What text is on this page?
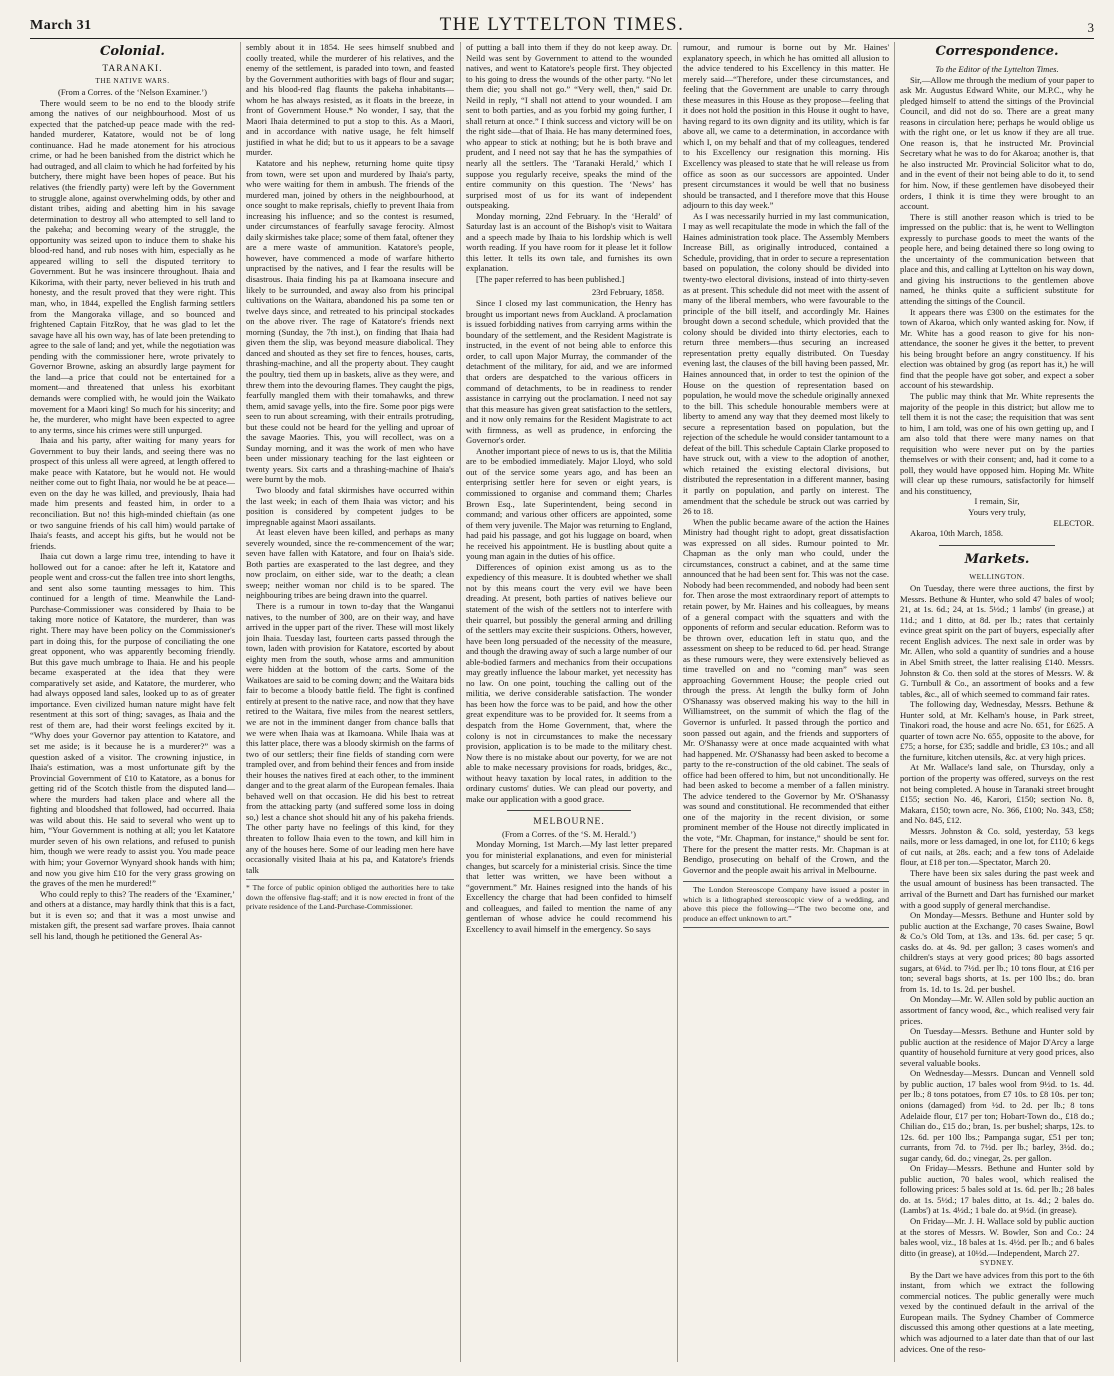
March 31	THE LYTTELTON TIMES.	3
Colonial.

TARANAKI.

THE NATIVE WARS.

(From a Corres. of the ‘Nelson Examiner.’)

There would seem to be no end to the bloody strife among the natives of our neighbourhood. Most of us expected that the patched-up peace made with the red-handed murderer, Katatore, would not be of long continuance. Had he made atonement for his atrocious crime, or had he been banished from the district which he had outraged, and all claim to which he had forfeited by his butchery, there might have been hopes of peace. But his relatives (the friendly party) were left by the Government to struggle alone, against overwhelming odds, by other and distant tribes, aiding and abetting him in his savage determination to destroy all who attempted to sell land to the pakeha; and becoming weary of the struggle, the opportunity was seized upon to induce them to shake his blood-red hand, and rub noses with him, especially as he appeared willing to sell the disputed territory to Government. But he was insincere throughout. Ihaia and Kikorima, with their party, never believed in his truth and honesty, and the result proved that they were right. This man, who, in 1844, expelled the English farming settlers from the Mangoraka village, and so bounced and frightened Captain FitzRoy, that he was glad to let the savage have all his own way, has of late been pretending to agree to the sale of land; and yet, while the negotiation was pending with the commissioner here, wrote privately to Governor Browne, asking an absurdly large payment for the land—a price that could not be entertained for a moment—and threatened that unless his exorbitant demands were complied with, he would join the Waikato movement for a Maori king! So much for his sincerity; and he, the murderer, who might have been expected to agree to any terms, since his crimes were still unpurged.

Ihaia and his party, after waiting for many years for Government to buy their lands, and seeing there was no prospect of this unless all were agreed, at length offered to make peace with Katatore, but he would not. He would neither come out to fight Ihaia, nor would he be at peace—even on the day he was killed, and previously, Ihaia had made him presents and feasted him, in order to a reconciliation. But no! this high-minded chieftain (as one or two sanguine friends of his call him) would partake of Ihaia's feasts, and accept his gifts, but he would not be friends.

Ihaia cut down a large rimu tree, intending to have it hollowed out for a canoe: after he left it, Katatore and people went and cross-cut the fallen tree into short lengths, and sent also some taunting messages to him. This continued for a length of time. Meanwhile the Land-Purchase-Commissioner was considered by Ihaia to be taking more notice of Katatore, the murderer, than was right. There may have been policy on the Commissioner's part in doing this, for the purpose of conciliating the one great opponent, who was apparently becoming friendly. But this gave much umbrage to Ihaia. He and his people became exasperated at the idea that they were comparatively set aside, and Katatore, the murderer, who had always opposed land sales, looked up to as of greater importance. Even civilized human nature might have felt resentment at this sort of thing; savages, as Ihaia and the rest of them are, had their worst feelings excited by it. “Why does your Governor pay attention to Katatore, and set me aside; is it because he is a murderer?” was a question asked of a visitor. The crowning injustice, in Ihaia's estimation, was a most unfortunate gift by the Provincial Government of £10 to Katatore, as a bonus for getting rid of the Scotch thistle from the disputed land—where the murders had taken place and where all the fighting and bloodshed that followed, had occurred. Ihaia was wild about this. He said to several who went up to him, “Your Government is nothing at all; you let Katatore murder seven of his own relations, and refused to punish him, though we were ready to assist you. You made peace with him; your Governor Wynyard shook hands with him; and now you give him £10 for the very grass growing on the graves of the men he murdered!”

Who could reply to this? The readers of the ‘Examiner,’ and others at a distance, may hardly think that this is a fact, but it is even so; and that it was a most unwise and mistaken gift, the present sad warfare proves. Ihaia cannot sell his land, though he petitioned the General As-

sembly about it in 1854. He sees himself snubbed and coolly treated, while the murderer of his relatives, and the enemy of the settlement, is paraded into town, and feasted by the Government authorities with bags of flour and sugar; and his blood-red flag flaunts the pakeha inhabitants—whom he has always resisted, as it floats in the breeze, in front of Government House.* No wonder, I say, that the Maori Ihaia determined to put a stop to this. As a Maori, and in accordance with native usage, he felt himself justified in what he did; but to us it appears to be a savage murder.

Katatore and his nephew, returning home quite tipsy from town, were set upon and murdered by Ihaia's party, who were waiting for them in ambush. The friends of the murdered man, joined by others in the neighbourhood, at once sought to make reprisals, chiefly to prevent Ihaia from increasing his influence; and so the contest is resumed, under circumstances of fearfully savage ferocity. Almost daily skirmishes take place; some of them fatal, oftener they are a mere waste of ammunition. Katatore's people, however, have commenced a mode of warfare hitherto unpractised by the natives, and I fear the results will be disastrous. Ihaia finding his pa at Ikamoana insecure and likely to be surrounded, and away also from his principal cultivations on the Waitara, abandoned his pa some ten or twelve days since, and retreated to his principal stockades on the above river. The rage of Katatore's friends next morning (Sunday, the 7th inst.), on finding that Ihaia had given them the slip, was beyond measure diabolical. They danced and shouted as they set fire to fences, houses, carts, thrashing-machine, and all the property about. They caught the poultry, tied them up in baskets, alive as they were, and threw them into the devouring flames. They caught the pigs, fearfully mangled them with their tomahawks, and threw them, amid savage yells, into the fire. Some poor pigs were seen to run about screaming, with their entrails protruding, but these could not be heard for the yelling and uproar of the savage Maories. This, you will recollect, was on a Sunday morning, and it was the work of men who have been under missionary teaching for the last eighteen or twenty years. Six carts and a thrashing-machine of Ihaia's were burnt by the mob.

Two bloody and fatal skirmishes have occurred within the last week; in each of them Ihaia was victor; and his position is considered by competent judges to be impregnable against Maori assailants.

At least eleven have been killed, and perhaps as many severely wounded, since the re-commencement of the war; seven have fallen with Katatore, and four on Ihaia's side. Both parties are exasperated to the last degree, and they now proclaim, on either side, war to the death; a clean sweep; neither woman nor child is to be spared. The neighbouring tribes are being drawn into the quarrel.

There is a rumour in town to-day that the Wanganui natives, to the number of 300, are on their way, and have arrived in the upper part of the river. These will most likely join Ihaia. Tuesday last, fourteen carts passed through the town, laden with provision for Katatore, escorted by about eighty men from the south, whose arms and ammunition were hidden at the bottom of the carts. Some of the Waikatoes are said to be coming down; and the Waitara bids fair to become a bloody battle field. The fight is confined entirely at present to the native race, and now that they have retired to the Waitara, five miles from the nearest settlers, we are not in the imminent danger from chance balls that we were when Ihaia was at Ikamoana. While Ihaia was at this latter place, there was a bloody skirmish on the farms of two of our settlers; their fine fields of standing corn were trampled over, and from behind their fences and from inside their houses the natives fired at each other, to the imminent danger and to the great alarm of the European females. Ihaia behaved well on that occasion. He did his best to retreat from the attacking party (and suffered some loss in doing so,) lest a chance shot should hit any of his pakeha friends. The other party have no feelings of this kind, for they threaten to follow Ihaia even to the town, and kill him in any of the houses here. Some of our leading men here have occasionally visited Ihaia at his pa, and Katatore's friends talk

* The force of public opinion obliged the authorities here to take down the offensive flag-staff; and it is now erected in front of the private residence of the Land-Purchase-Commissioner.

of putting a ball into them if they do not keep away. Dr. Neild was sent by Government to attend to the wounded natives, and went to Katatore's people first. They objected to his going to dress the wounds of the other party. “No let them die; you shall not go.” “Very well, then,” said Dr. Neild in reply, “I shall not attend to your wounded. I am sent to both parties, and as you forbid my going further, I shall return at once.” I think success and victory will be on the right side—that of Ihaia. He has many determined foes, who appear to stick at nothing; but he is both brave and prudent, and I need not say that he has the sympathies of nearly all the settlers. The ‘Taranaki Herald,’ which I suppose you regularly receive, speaks the mind of the entire community on this question. The ‘News’ has surprised most of us for its want of independent outspeaking.

Monday morning, 22nd February. In the ‘Herald’ of Saturday last is an account of the Bishop's visit to Waitara and a speech made by Ihaia to his lordship which is well worth reading. If you have room for it please let it follow this letter. It tells its own tale, and furnishes its own explanation.

[The paper referred to has been published.]

23rd February, 1858.

Since I closed my last communication, the Henry has brought us important news from Auckland. A proclamation is issued forbidding natives from carrying arms within the boundary of the settlement, and the Resident Magistrate is instructed, in the event of not being able to enforce this order, to call upon Major Murray, the commander of the detachment of the military, for aid, and we are informed that orders are despatched to the various officers in command of detachments, to be in readiness to render assistance in carrying out the proclamation. I need not say that this measure has given great satisfaction to the settlers, and it now only remains for the Resident Magistrate to act with firmness, as well as prudence, in enforcing the Governor's order.

Another important piece of news to us is, that the Militia are to be embodied immediately. Major Lloyd, who sold out of the service some years ago, and has been an enterprising settler here for seven or eight years, is commissioned to organise and command them; Charles Brown Esq., late Superintendent, being second in command; and various other officers are appointed, some of them very juvenile. The Major was returning to England, had paid his passage, and got his luggage on board, when he received his appointment. He is bustling about quite a young man again in the duties of his office.

Differences of opinion exist among us as to the expediency of this measure. It is doubted whether we shall not by this means court the very evil we have been dreading. At present, both parties of natives believe our statement of the wish of the settlers not to interfere with their quarrel, but possibly the general arming and drilling of the settlers may excite their suspicions. Others, however, have been long persuaded of the necessity of the measure, and though the drawing away of such a large number of our able-bodied farmers and mechanics from their occupations may greatly influence the labour market, yet necessity has no law. On one point, touching the calling out of the militia, we derive considerable satisfaction. The wonder has been how the force was to be paid, and how the other great expenditure was to be provided for. It seems from a despatch from the Home Government, that, where the colony is not in circumstances to make the necessary provision, application is to be made to the military chest. Now there is no mistake about our poverty, for we are not able to make necessary provisions for roads, bridges, &c., without heavy taxation by local rates, in addition to the ordinary customs' duties. We can plead our poverty, and make our application with a good grace.

MELBOURNE.

(From a Corres. of the ‘S. M. Herald.’)

Monday Morning, 1st March.—My last letter prepared you for ministerial explanations, and even for ministerial changes, but scarcely for a ministerial crisis. Since the time that letter was written, we have been without a “government.” Mr. Haines resigned into the hands of his Excellency the charge that had been confided to himself and colleagues, and failed to mention the name of any gentleman of whose advice he could recommend his Excellency to avail himself in the emergency. So says

rumour, and rumour is borne out by Mr. Haines' explanatory speech, in which he has omitted all allusion to the advice tendered to his Excellency in this matter. He merely said—“Therefore, under these circumstances, and feeling that the Government are unable to carry through these measures in this House as they propose—feeling that it does not hold the position in this House it ought to have, having regard to its own dignity and its utility, which is far above all, we came to a determination, in accordance with which I, on my behalf and that of my colleagues, tendered to his Excellency our resignation this morning. His Excellency was pleased to state that he will release us from office as soon as our successors are appointed. Under present circumstances it would be well that no business should be transacted, and I therefore move that this House adjourn to this day week.”

As I was necessarily hurried in my last communication, I may as well recapitulate the mode in which the fall of the Haines administration took place. The Assembly Members Increase Bill, as originally introduced, contained a Schedule, providing, that in order to secure a representation based on population, the colony should be divided into twenty-two electoral divisions, instead of into thirty-seven as at present. This schedule did not meet with the assent of many of the liberal members, who were favourable to the principle of the bill itself, and accordingly Mr. Haines brought down a second schedule, which provided that the colony should be divided into thirty electories, each to return three members—thus securing an increased representation pretty equally distributed. On Tuesday evening last, the clauses of the bill having been passed, Mr. Haines announced that, in order to test the opinion of the House on the question of representation based on population, he would move the schedule originally annexed to the bill. This schedule honourable members were at liberty to amend any way that they deemed most likely to secure a representation based on population, but the rejection of the schedule he would consider tantamount to a defeat of the bill. This schedule Captain Clarke proposed to have struck out, with a view to the adoption of another, which retained the existing electoral divisions, but distributed the representation in a different manner, basing it partly on population, and partly on interest. The amendment that the schedule be struck out was carried by 26 to 18.

When the public became aware of the action the Haines Ministry had thought right to adopt, great dissatisfaction was expressed on all sides. Rumour pointed to Mr. Chapman as the only man who could, under the circumstances, construct a cabinet, and at the same time announced that he had been sent for. This was not the case. Nobody had been recommended, and nobody had been sent for. Then arose the most extraordinary report of attempts to retain power, by Mr. Haines and his colleagues, by means of a general compact with the squatters and with the opponents of reform and secular education. Reform was to be thrown over, education left in statu quo, and the assessment on sheep to be reduced to 6d. per head. Strange as these rumours were, they were extensively believed as time travelled on and no “coming man” was seen approaching Government House; the people cried out through the press. At length the bulky form of John O'Shanassy was observed making his way to the hill in Williamstreet, on the summit of which the flag of the Governor is unfurled. It passed through the portico and soon passed out again, and the friends and supporters of Mr. O'Shanassy were at once made acquainted with what had happened. Mr. O'Shanassy had been asked to become a party to the re-construction of the old cabinet. The seals of office had been offered to him, but not unconditionally. He had been asked to become a member of a fallen ministry. The advice tendered to the Governor by Mr. O'Shanassy was sound and constitutional. He recommended that either one of the majority in the recent division, or some prominent member of the House not directly implicated in the vote, “Mr. Chapman, for instance,” should be sent for. There for the present the matter rests. Mr. Chapman is at Bendigo, prosecuting on behalf of the Crown, and the Governor and the people await his arrival in Melbourne.

The London Stereoscope Company have issued a poster in which is a lithographed stereoscopic view of a wedding, and above this piece the following—“The two become one, and produce an effect unknown to art.”

Correspondence.

To the Editor of the Lyttelton Times.

Sir,—Allow me through the medium of your paper to ask Mr. Augustus Edward White, our M.P.C., why he pledged himself to attend the sittings of the Provincial Council, and did not do so. There are a great many reasons in circulation here; perhaps he would oblige us with the right one, or let us know if they are all true. One reason is, that he instructed Mr. Provincial Secretary what he was to do for Akaroa; another is, that he also instructed Mr. Provincial Solicitor what to do, and in the event of their not being able to do it, to send for him. Now, if these gentlemen have disobeyed their orders, I think it is time they were brought to an account.

There is still another reason which is tried to be impressed on the public: that is, he went to Wellington expressly to purchase goods to meet the wants of the people here, and being detained there so long owing to the uncertainty of the communication between that place and this, and calling at Lyttelton on his way down, and giving his instructions to the gentlemen above named, he thinks quite a sufficient substitute for attending the sittings of the Council.

It appears there was £300 on the estimates for the town of Akaroa, which only wanted asking for. Now, if Mr. White has a good reason to give for his non-attendance, the sooner he gives it the better, to prevent his being brought before an angry constituency. If his election was obtained by grog (as report has it,) he will find that the people have got sober, and expect a sober account of his stewardship.

The public may think that Mr. White represents the majority of the people in this district; but allow me to tell them it is not the case; the requisition that was sent to him, I am told, was one of his own getting up, and I am also told that there were many names on that requisition who were never put on by the parties themselves or with their consent; and, had it come to a poll, they would have opposed him. Hoping Mr. White will clear up these rumours, satisfactorily for himself and his constituency,

I remain, Sir,

Yours very truly,

ELECTOR.

Akaroa, 10th March, 1858.

Markets.

WELLINGTON.

On Tuesday, there were three auctions, the first by Messrs. Bethune & Hunter, who sold 47 bales of wool; 21, at 1s. 6d.; 24, at 1s. 5½d.; 1 lambs' (in grease,) at 11d.; and 1 ditto, at 8d. per lb.; rates that certainly evince great spirit on the part of buyers, especially after recent English advices. The next sale in order was by Mr. Allen, who sold a quantity of sundries and a house in Abel Smith street, the latter realising £140. Messrs. Johnston & Co. then sold at the stores of Messrs. W. & G. Turnbull & Co., an assortment of books and a few tables, &c., all of which seemed to command fair rates.

The following day, Wednesday, Messrs. Bethune & Hunter sold, at Mr. Kelham's house, in Park street, Tinakori road, the house and acre No. 651, for £625. A quarter of town acre No. 655, opposite to the above, for £75; a horse, for £35; saddle and bridle, £3 10s.; and all the furniture, kitchen utensils, &c. at very high prices.

At Mr. Wallace's land sale, on Thursday, only a portion of the property was offered, surveys on the rest not being completed. A house in Taranaki street brought £155; section No. 46, Karori, £150; section No. 8, Makara, £150; town acre, No. 366, £100; No. 343, £58; and No. 845, £12.

Messrs. Johnston & Co. sold, yesterday, 53 kegs nails, more or less damaged, in one lot, for £110; 6 kegs of cut nails, at 28s. each; and a few tons of Adelaide flour, at £18 per ton.—Spectator, March 20.

There have been six sales during the past week and the usual amount of business has been transacted. The arrival of the Burnett and Dart has furnished our market with a good supply of general merchandise.

On Monday—Messrs. Bethune and Hunter sold by public auction at the Exchange, 70 cases Swaine, Bowl & Co.'s Old Tom, at 13s. and 13s. 6d. per case; 5 qr. casks do. at 4s. 9d. per gallon; 3 cases women's and children's stays at very good prices; 80 bags assorted sugars, at 6¼d. to 7½d. per lb.; 10 tons flour, at £16 per ton; several bags shorts, at 1s. per 100 lbs.; do. bran from 1s. 1d. to 1s. 2d. per bushel.

On Monday—Mr. W. Allen sold by public auction an assortment of fancy wood, &c., which realised very fair prices.

On Tuesday—Messrs. Bethune and Hunter sold by public auction at the residence of Major D'Arcy a large quantity of household furniture at very good prices, also several valuable books.

On Wednesday—Messrs. Duncan and Vennell sold by public auction, 17 bales wool from 9½d. to 1s. 4d. per lb.; 8 tons potatoes, from £7 10s. to £8 10s. per ton; onions (damaged) from ½d. to 2d. per lb.; 8 tons Adelaide flour, £17 per ton; Hobart-Town do., £18 do.; Chilian do., £15 do.; bran, 1s. per bushel; sharps, 12s. to 12s. 6d. per 100 lbs.; Pampanga sugar, £51 per ton; currants, from 7d. to 7½d. per lb.; barley, 3½d. do.; sugar candy, 6d. do.; vinegar, 2s. per gallon.

On Friday—Messrs. Bethune and Hunter sold by public auction, 70 bales wool, which realised the following prices: 5 bales sold at 1s. 6d. per lb.; 28 bales do. at 1s. 5½d.; 17 bales ditto, at 1s. 4d.; 2 bales do. (Lambs') at 1s. 4½d.; 1 bale do. at 9½d. (in grease).

On Friday—Mr. J. H. Wallace sold by public auction at the stores of Messrs. W. Bowler, Son and Co.: 24 bales wool, viz., 18 bales at 1s. 4½d. per lb.; and 6 bales ditto (in grease), at 10½d.—Independent, March 27.

SYDNEY.

By the Dart we have advices from this port to the 6th instant, from which we extract the following commercial notices. The public generally were much vexed by the continued default in the arrival of the European mails. The Sydney Chamber of Commerce discussed this among other questions at a late meeting, which was adjourned to a later date than that of our last advices. One of the reso-
